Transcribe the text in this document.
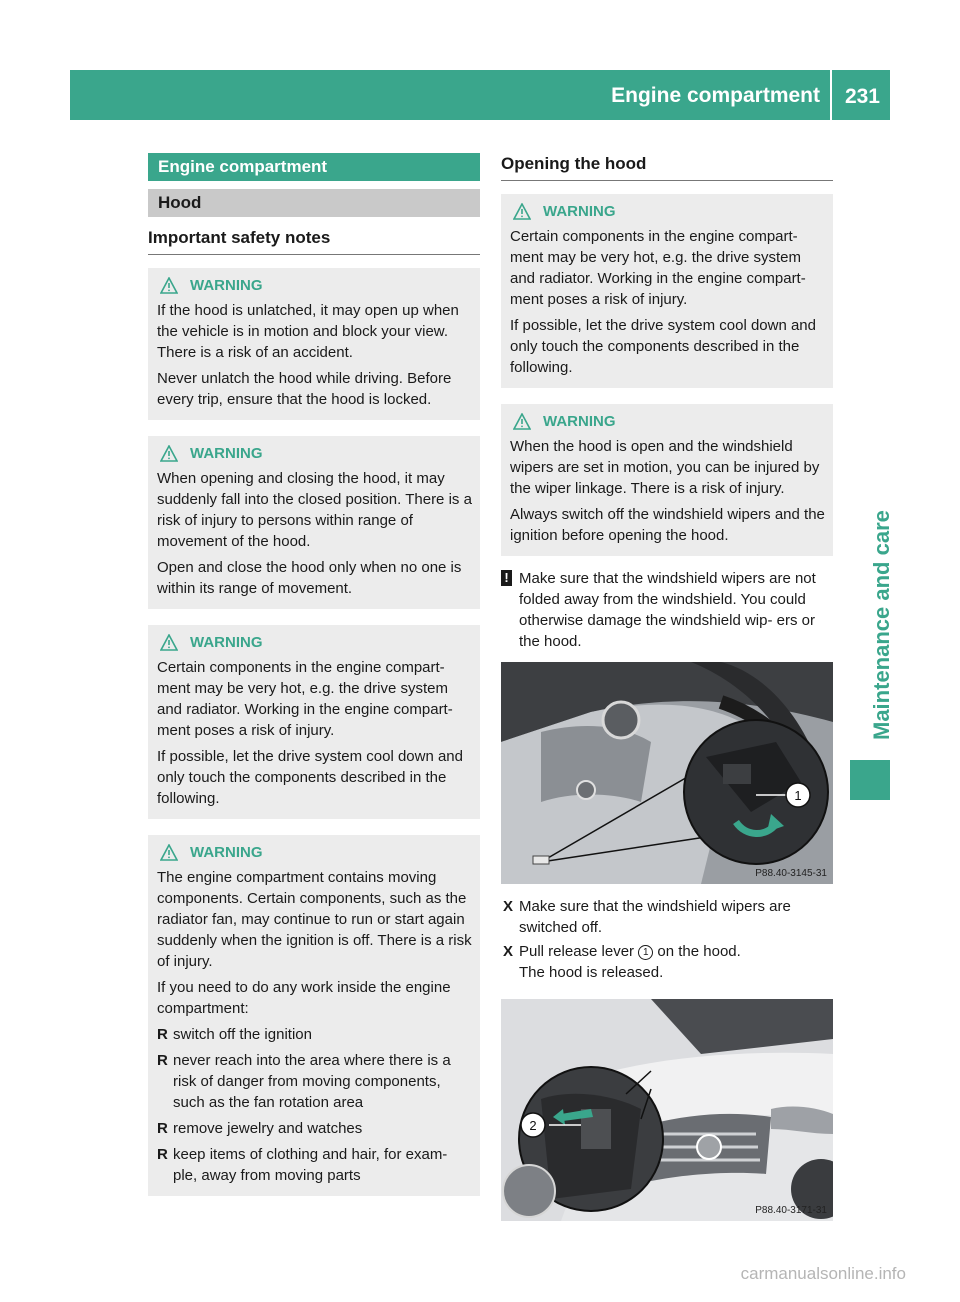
Engine compartment 231
Maintenance and care
Engine compartment
Hood
Important safety notes
WARNING

If the hood is unlatched, it may open up when the vehicle is in motion and block your view. There is a risk of an accident.

Never unlatch the hood while driving. Before every trip, ensure that the hood is locked.

WARNING

When opening and closing the hood, it may suddenly fall into the closed position. There is a risk of injury to persons within range of movement of the hood.

Open and close the hood only when no one is within its range of movement.

WARNING

Certain components in the engine compart- ment may be very hot, e.g. the drive system and radiator. Working in the engine compart- ment poses a risk of injury.

If possible, let the drive system cool down and only touch the components described in the following.

WARNING

The engine compartment contains moving components. Certain components, such as the radiator fan, may continue to run or start again suddenly when the ignition is off. There is a risk of injury.

If you need to do any work inside the engine compartment:

R switch off the ignition
R never reach into the area where there is a risk of danger from moving components, such as the fan rotation area
R remove jewelry and watches
R keep items of clothing and hair, for exam- ple, away from moving parts
Opening the hood
WARNING

Certain components in the engine compart- ment may be very hot, e.g. the drive system and radiator. Working in the engine compart- ment poses a risk of injury.

If possible, let the drive system cool down and only touch the components described in the following.

WARNING

When the hood is open and the windshield wipers are set in motion, you can be injured by the wiper linkage. There is a risk of injury.

Always switch off the windshield wipers and the ignition before opening the hood.

! Make sure that the windshield wipers are not folded away from the windshield. You could otherwise damage the windshield wip- ers or the hood.
1
P88.40-3145-31
X Make sure that the windshield wipers are switched off.
X Pull release lever 1 on the hood.
The hood is released.
2
P88.40-3171-31
carmanualsonline.info
